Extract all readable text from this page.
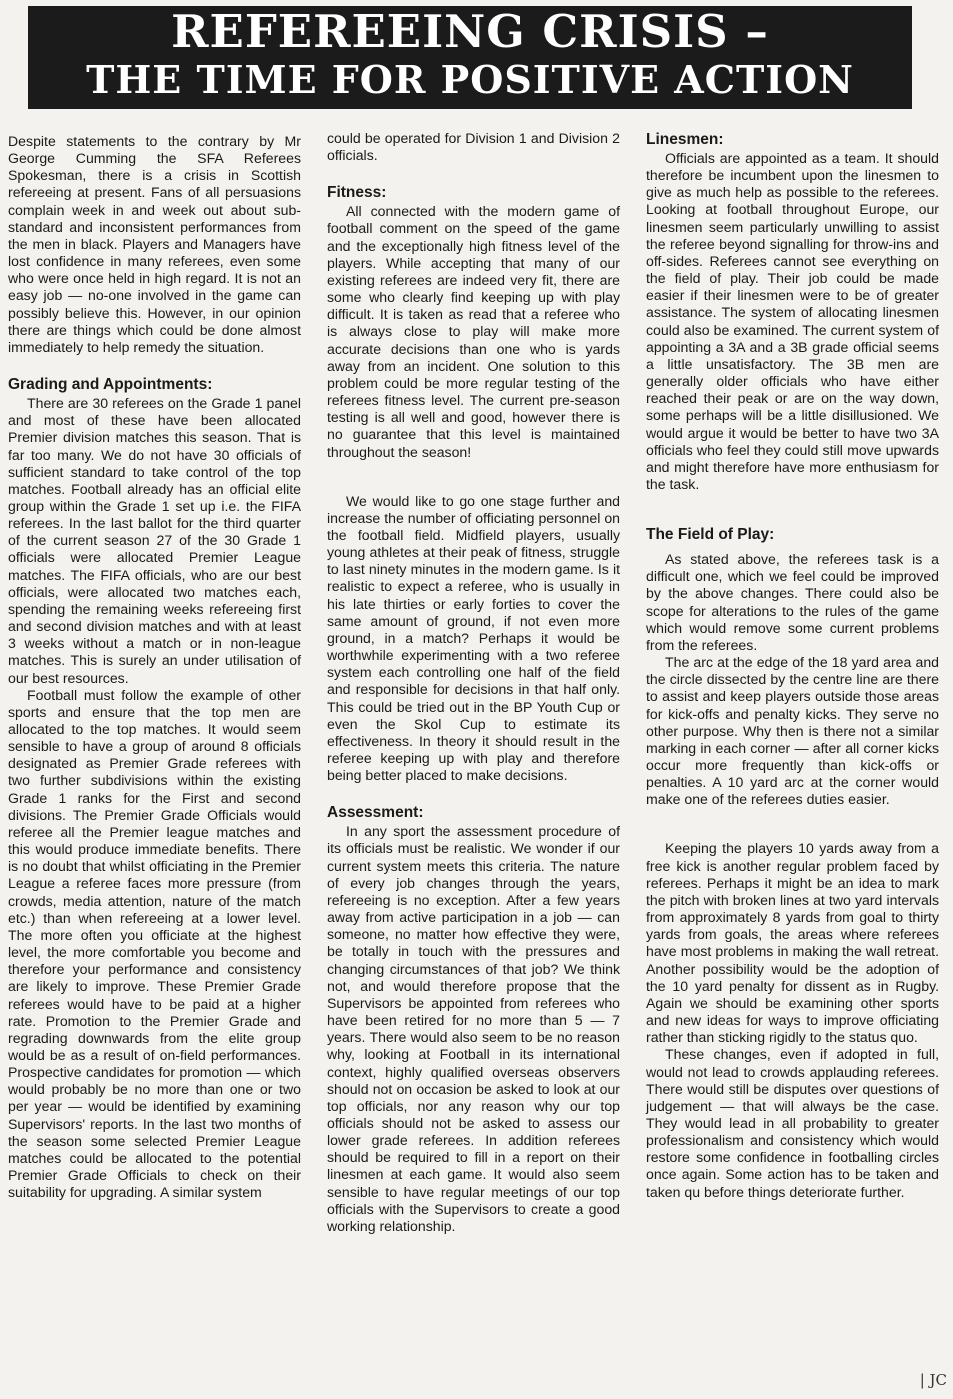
REFEREEING CRISIS –
THE TIME FOR POSITIVE ACTION

Despite statements to the contrary by Mr George Cumming the SFA Referees Spokesman, there is a crisis in Scottish refereeing at present. Fans of all persuasions complain week in and week out about sub-standard and inconsistent performances from the men in black. Players and Managers have lost confidence in many referees, even some who were once held in high regard. It is not an easy job — no-one involved in the game can possibly believe this. However, in our opinion there are things which could be done almost immediately to help remedy the situation.

Grading and Appointments:

There are 30 referees on the Grade 1 panel and most of these have been allocated Premier division matches this season. That is far too many. We do not have 30 officials of sufficient standard to take control of the top matches. Football already has an official elite group within the Grade 1 set up i.e. the FIFA referees. In the last ballot for the third quarter of the current season 27 of the 30 Grade 1 officials were allocated Premier League matches. The FIFA officials, who are our best officials, were allocated two matches each, spending the remaining weeks refereeing first and second division matches and with at least 3 weeks without a match or in non-league matches. This is surely an under utilisation of our best resources.

Football must follow the example of other sports and ensure that the top men are allocated to the top matches. It would seem sensible to have a group of around 8 officials designated as Premier Grade referees with two further subdivisions within the existing Grade 1 ranks for the First and second divisions. The Premier Grade Officials would referee all the Premier league matches and this would produce immediate benefits. There is no doubt that whilst officiating in the Premier League a referee faces more pressure (from crowds, media attention, nature of the match etc.) than when refereeing at a lower level. The more often you officiate at the highest level, the more comfortable you become and therefore your performance and consistency are likely to improve. These Premier Grade referees would have to be paid at a higher rate. Promotion to the Premier Grade and regrading downwards from the elite group would be as a result of on-field performances. Prospective candidates for promotion — which would probably be no more than one or two per year — would be identified by examining Supervisors' reports. In the last two months of the season some selected Premier League matches could be allocated to the potential Premier Grade Officials to check on their suitability for upgrading. A similar system

could be operated for Division 1 and Division 2 officials.

Fitness:

All connected with the modern game of football comment on the speed of the game and the exceptionally high fitness level of the players. While accepting that many of our existing referees are indeed very fit, there are some who clearly find keeping up with play difficult. It is taken as read that a referee who is always close to play will make more accurate decisions than one who is yards away from an incident. One solution to this problem could be more regular testing of the referees fitness level. The current pre-season testing is all well and good, however there is no guarantee that this level is maintained throughout the season!

We would like to go one stage further and increase the number of officiating personnel on the football field. Midfield players, usually young athletes at their peak of fitness, struggle to last ninety minutes in the modern game. Is it realistic to expect a referee, who is usually in his late thirties or early forties to cover the same amount of ground, if not even more ground, in a match? Perhaps it would be worthwhile experimenting with a two referee system each controlling one half of the field and responsible for decisions in that half only. This could be tried out in the BP Youth Cup or even the Skol Cup to estimate its effectiveness. In theory it should result in the referee keeping up with play and therefore being better placed to make decisions.

Assessment:

In any sport the assessment procedure of its officials must be realistic. We wonder if our current system meets this criteria. The nature of every job changes through the years, refereeing is no exception. After a few years away from active participation in a job — can someone, no matter how effective they were, be totally in touch with the pressures and changing circumstances of that job? We think not, and would therefore propose that the Supervisors be appointed from referees who have been retired for no more than 5 — 7 years. There would also seem to be no reason why, looking at Football in its international context, highly qualified overseas observers should not on occasion be asked to look at our top officials, nor any reason why our top officials should not be asked to assess our lower grade referees. In addition referees should be required to fill in a report on their linesmen at each game. It would also seem sensible to have regular meetings of our top officials with the Supervisors to create a good working relationship.

Linesmen:

Officials are appointed as a team. It should therefore be incumbent upon the linesmen to give as much help as possible to the referees. Looking at football throughout Europe, our linesmen seem particularly unwilling to assist the referee beyond signalling for throw-ins and off-sides. Referees cannot see everything on the field of play. Their job could be made easier if their linesmen were to be of greater assistance. The system of allocating linesmen could also be examined. The current system of appointing a 3A and a 3B grade official seems a little unsatisfactory. The 3B men are generally older officials who have either reached their peak or are on the way down, some perhaps will be a little disillusioned. We would argue it would be better to have two 3A officials who feel they could still move upwards and might therefore have more enthusiasm for the task.

The Field of Play:

As stated above, the referees task is a difficult one, which we feel could be improved by the above changes. There could also be scope for alterations to the rules of the game which would remove some current problems from the referees.

The arc at the edge of the 18 yard area and the circle dissected by the centre line are there to assist and keep players outside those areas for kick-offs and penalty kicks. They serve no other purpose. Why then is there not a similar marking in each corner — after all corner kicks occur more frequently than kick-offs or penalties. A 10 yard arc at the corner would make one of the referees duties easier.

Keeping the players 10 yards away from a free kick is another regular problem faced by referees. Perhaps it might be an idea to mark the pitch with broken lines at two yard intervals from approximately 8 yards from goal to thirty yards from goals, the areas where referees have most problems in making the wall retreat. Another possibility would be the adoption of the 10 yard penalty for dissent as in Rugby. Again we should be examining other sports and new ideas for ways to improve officiating rather than sticking rigidly to the status quo.

These changes, even if adopted in full, would not lead to crowds applauding referees. There would still be disputes over questions of judgement — that will always be the case. They would lead in all probability to greater professionalism and consistency which would restore some confidence in footballing circles once again. Some action has to be taken and taken qu before things deteriorate further.

| JC
